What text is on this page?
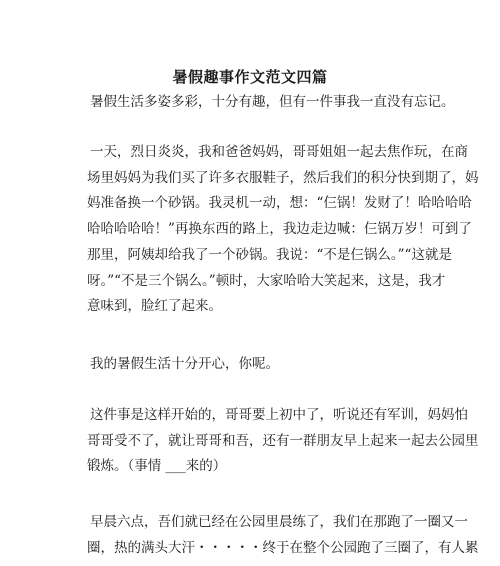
暑假趣事作文范文四篇

暑假生活多姿多彩，十分有趣，但有一件事我一直没有忘记。

一天，烈日炎炎，我和爸爸妈妈，哥哥姐姐一起去焦作玩，在商
场里妈妈为我们买了许多衣服鞋子，然后我们的积分快到期了，妈
妈准备换一个砂锅。我灵机一动，想：“仨锅！发财了！哈哈哈哈
哈哈哈哈哈！”再换东西的路上，我边走边喊：仨锅万岁！可到了
那里，阿姨却给我了一个砂锅。我说：“不是仨锅么。”“这就是
呀。”“不是三个锅么。”顿时，大家哈哈大笑起来，这是，我才
意味到，脸红了起来。

我的暑假生活十分开心，你呢。

这件事是这样开始的，哥哥要上初中了，听说还有军训，妈妈怕
哥哥受不了，就让哥哥和吾，还有一群朋友早上起来一起去公园里
锻炼。（事情 ___来的）

早晨六点，吾们就已经在公园里晨练了，我们在那跑了一圈又一
圈，热的满头大汗・・・・・终于在整个公园跑了三圈了，有人累
